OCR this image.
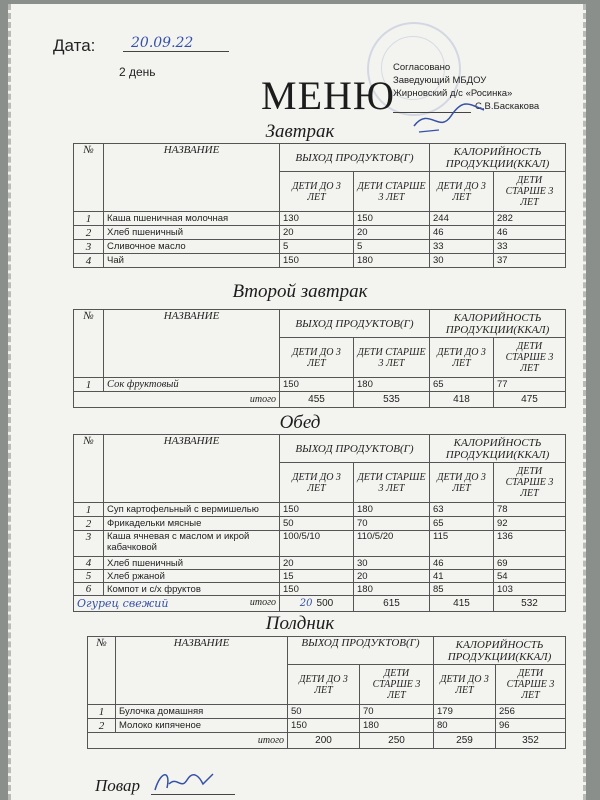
Дата:	20.09.22
2 день
МЕНЮ
Согласовано
Заведующий МБДОУ
Жирновский д/с «Росинка»
С.В.Баскакова
Завтрак
№	НАЗВАНИЕ	ВЫХОД ПРОДУКТОВ(Г)		КАЛОРИЙНОСТЬ ПРОДУКЦИИ(ККАЛ)	
		ДЕТИ ДО 3 ЛЕТ	ДЕТИ СТАРШЕ 3 ЛЕТ	ДЕТИ ДО 3 ЛЕТ	ДЕТИ СТАРШЕ 3 ЛЕТ
1	Каша пшеничная молочная	130	150	244	282
2	Хлеб пшеничный	20	20	46	46
3	Сливочное масло	5	5	33	33
4	Чай	150	180	30	37
Второй завтрак
№	НАЗВАНИЕ	ВЫХОД ПРОДУКТОВ(Г)		КАЛОРИЙНОСТЬ ПРОДУКЦИИ(ККАЛ)	
		ДЕТИ ДО 3 ЛЕТ	ДЕТИ СТАРШЕ 3 ЛЕТ	ДЕТИ ДО 3 ЛЕТ	ДЕТИ СТАРШЕ 3 ЛЕТ
1	Сок фруктовый	150	180	65	77
итого		455	535	418	475
Обед
№	НАЗВАНИЕ	ВЫХОД ПРОДУКТОВ(Г)		КАЛОРИЙНОСТЬ ПРОДУКЦИИ(ККАЛ)	
		ДЕТИ ДО 3 ЛЕТ	ДЕТИ СТАРШЕ 3 ЛЕТ	ДЕТИ ДО 3 ЛЕТ	ДЕТИ СТАРШЕ 3 ЛЕТ
1	Суп картофельный с вермишелью	150	180	63	78
2	Фрикадельки мясные	50	70	65	92
3	Каша ячневая с маслом и икрой кабачковой	100/5/10	110/5/20	115	136
4	Хлеб пшеничный	20	30	46	69
5	Хлеб ржаной	15	20	41	54
6	Компот и с/х фруктов	150	180	85	103

Огурец свежий итого		20 500	615	415	532
Полдник
№	НАЗВАНИЕ	ВЫХОД ПРОДУКТОВ(Г)		КАЛОРИЙНОСТЬ ПРОДУКЦИИ(ККАЛ)	
		ДЕТИ ДО 3 ЛЕТ	ДЕТИ СТАРШЕ 3 ЛЕТ	ДЕТИ ДО 3 ЛЕТ	ДЕТИ СТАРШЕ 3 ЛЕТ
1	Булочка домашняя	50	70	179	256
2	Молоко кипяченое	150	180	80	96
итого		200	250	259	352
Повар
